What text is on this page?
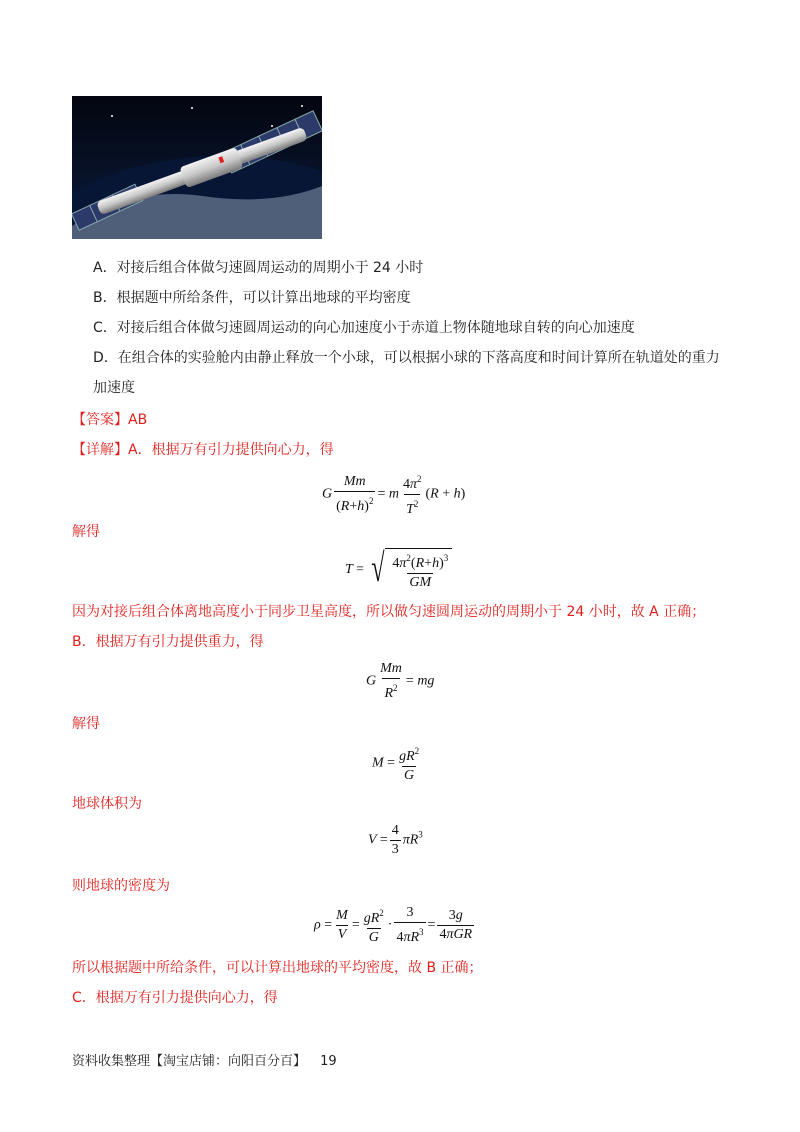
A．对接后组合体做匀速圆周运动的周期小于 24 小时
B．根据题中所给条件，可以计算出地球的平均密度
C．对接后组合体做匀速圆周运动的向心加速度小于赤道上物体随地球自转的向心加速度
D．在组合体的实验舱内由静止释放一个小球，可以根据小球的下落高度和时间计算所在轨道处的重力
加速度
【答案】AB
【详解】A．根据万有引力提供向心力，得
G $\frac{Mm}{(R+h)^2} = m \frac{4\pi^2}{T^2} (R + h)$
解得
T = √ $\frac{4\pi^2(R+h)^3}{GM}$
因为对接后组合体离地高度小于同步卫星高度，所以做匀速圆周运动的周期小于 24 小时，故 A 正确；
B．根据万有引力提供重力，得
G $\frac{Mm}{R^2}$ = mg
解得
$M = \frac{gR^2}{G}$
地球体积为
$V = \frac{4}{3} \pi R^3$
则地球的密度为
$\rho = \frac{M}{V} = \frac{gR^2}{G} \cdot \frac{3}{4\pi R^3} = \frac{3g}{\text{4πGR}}$
所以根据题中所给条件，可以计算出地球的平均密度，故 B 正确；
C．根据万有引力提供向心力，得
资料收集整理【淘宝店铺：向阳百分百】 19
